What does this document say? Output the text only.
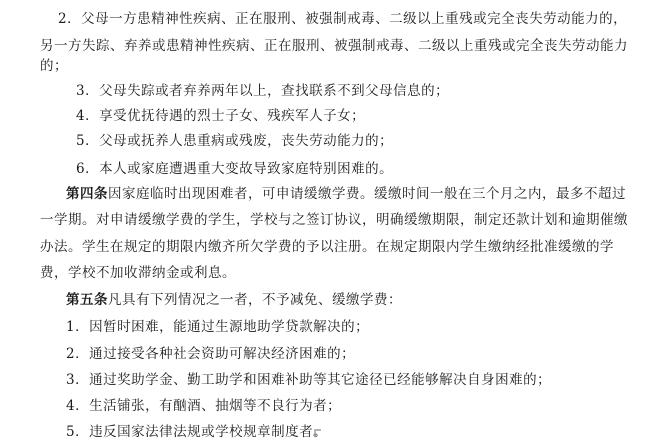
2．父母一方患精神性疾病、正在服刑、被强制戒毒、二级以上重残或完全丧失劳动能力的，
另一方失踪、弃养或患精神性疾病、正在服刑、被强制戒毒、二级以上重残或完全丧失劳动能力
的；
3．父母失踪或者弃养两年以上，查找联系不到父母信息的；
4．享受优抚待遇的烈士子女、残疾军人子女；
5．父母或抚养人患重病或残废，丧失劳动能力的；
6．本人或家庭遭遇重大变故导致家庭特别困难的。
第四条因家庭临时出现困难者，可申请缓缴学费。缓缴时间一般在三个月之内，最多不超过
一学期。对申请缓缴学费的学生，学校与之签订协议，明确缓缴期限，制定还款计划和逾期催缴
办法。学生在规定的期限内缴齐所欠学费的予以注册。在规定期限内学生缴纳经批准缓缴的学
费，学校不加收滞纳金或利息。
第五条凡具有下列情况之一者，不予减免、缓缴学费：
1．因暂时困难，能通过生源地助学贷款解决的；
2．通过接受各种社会资助可解决经济困难的；
3．通过奖助学金、勤工助学和困难补助等其它途径已经能够解决自身困难的；
4．生活铺张，有酗酒、抽烟等不良行为者；
5．违反国家法律法规或学校规章制度者。
